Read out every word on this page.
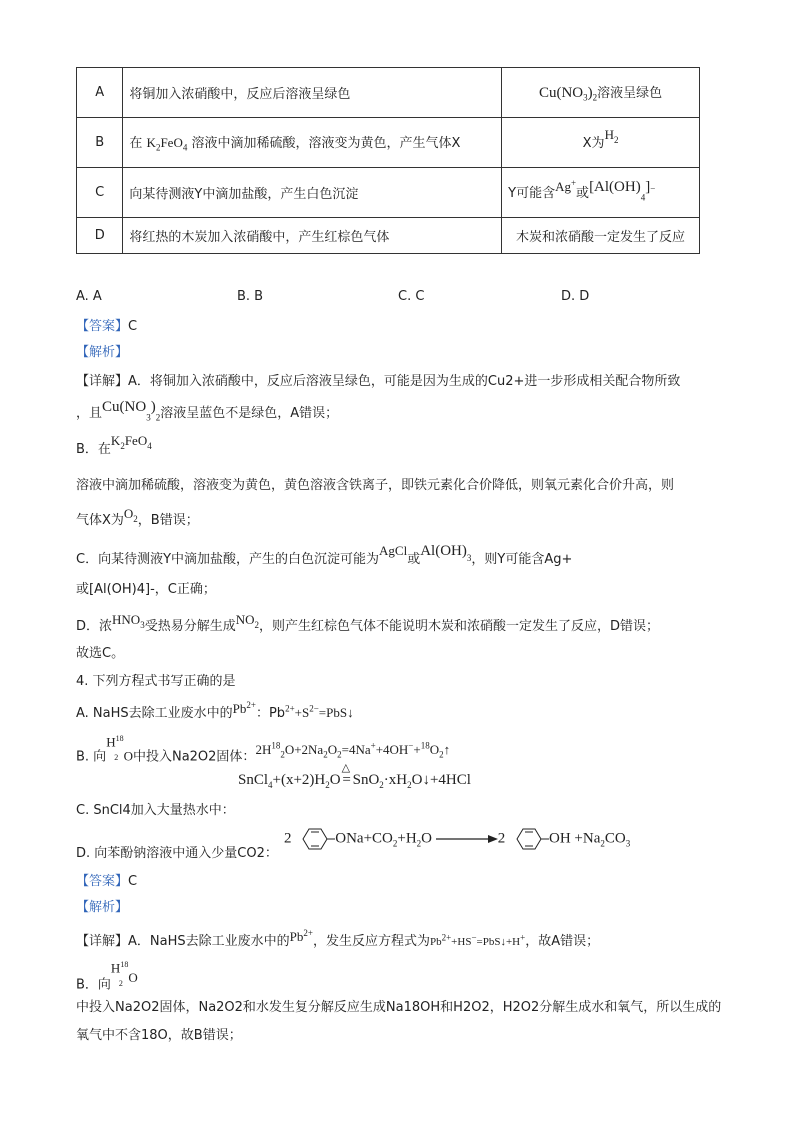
A	将铜加入浓硝酸中，反应后溶液呈绿色	$Cu(NO_3)_2$溶液呈绿色
B	在 $K_2FeO_4$ 溶液中滴加稀硫酸，溶液变为黄色，产生气体X	X为$H_2$
C	向某待测液Y中滴加盐酸，产生白色沉淀	Y可能含Ag+或$[Al(OH)_4]^-$
D	将红热的木炭加入浓硝酸中，产生红棕色气体	木炭和浓硝酸一定发生了反应
A. A	B. B	C. C	D. D
【答案】C
【解析】
【详解】A．将铜加入浓硝酸中，反应后溶液呈绿色，可能是因为生成的Cu2+进一步形成相关配合物所致
，且$Cu(NO_3)_2$溶液呈蓝色不是绿色，A错误；
B．在$K_2FeO_4$
溶液中滴加稀硫酸，溶液变为黄色，黄色溶液含铁离子，即铁元素化合价降低，则氧元素化合价升高，则
气体X为$O_2$，B错误；
C．向某待测液Y中滴加盐酸，产生的白色沉淀可能为AgCl或$Al(OH)_3$，则Y可能含Ag+
或[Al(OH)4]-，C正确；
D．浓$HNO_3$受热易分解生成$NO_2$，则产生红棕色气体不能说明木炭和浓硝酸一定发生了反应，D错误；
故选C。
4. 下列方程式书写正确的是
A. NaHS去除工业废水中的$Pb^{2+}$：$Pb^{2+}+S^{2-}=PbS↓$
B. 向$H^{18}$
$_2$ O中投入Na2O2固体：$2H^{18}_2O+2Na_2O_2=4Na^++4OH^-+^{18}O_2↑$
$SnCl_4+(x+2)H_2O$
△
= $SnO_2\cdot xH_2O↓+4HCl$
C. SnCl4加入大量热水中：
D. 向苯酚钠溶液中通入少量CO2：
2	$ONa+CO_2+H_2O$	2	OH $+Na_2CO_3$
【答案】C
【解析】
【详解】A．NaHS去除工业废水中的$Pb^{2+}$，发生反应方程式为$Pb^{2+}+HS^-=PbS↓+H^+$，故A错误；
B．向$H^{18}$
$_2$ O
中投入Na2O2固体，Na2O2和水发生复分解反应生成Na18OH和H2O2，H2O2分解生成水和氧气，所以生成的
氧气中不含18O，故B错误；
